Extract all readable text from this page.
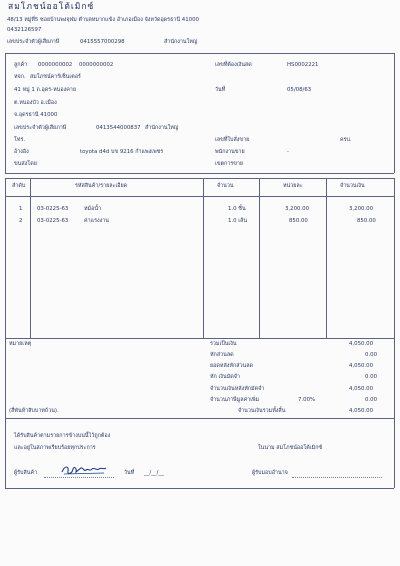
สมโภชน์ออโต้เมิกซ์
48/13 หมู่ที่5 ซอยบ้านพงจุฬม ตำบลหมากแข้ง อำเภอเมือง จังหวัดอุดรธานี 41000
0432126597
เลขประจำตัวผู้เสียภาษี	0415557000298	สำนักงานใหญ่
ลูกค้า 0000000002 0000000002
หจก. สมโภชน์คาร์เซ็นเตอร์
41 หมู่ 1 ถ.อุดร-หนองคาย
ต.หนองบัว อ.เมือง
จ.อุดรธานี 41000
เลขประจำตัวผู้เสียภาษี	0413544000837 สำนักงานใหญ่
โทร.
อ้างอิง	toyota d4d บข 9216 กำแพงเพชร
ขนส่งโดย
เลขที่ต้องเงินสด	HS0002221
วันที่	05/08/63
เลขที่ใบสั่งขาย	ครบ.
พนักงานขาย	-
เขตการขาย
ลำดับ	รหัสสินค้า/รายละเอียด	จำนวน	หน่วยละ	จำนวนเงิน
1	03-0225-63	หม้อน้ำ	1.0 ชิ้น	3,200.00	3,200.00
2	03-0225-63	ค่าแรงงาน	1.0 เส้น	850.00	850.00
หมายเหตุ	รวมเป็นเงิน	4,050.00
หักส่วนลด	0.00
ยอดหลังหักส่วนลด	4,050.00
หัก เงินมัดจำ	0.00
จำนวนเงินหลังหักมัดจำ	4,050.00
จำนวนภาษีมูลค่าเพิ่ม	7.00%	0.00
(สี่พันห้าสิบบาทถ้วน).	จำนวนเงินรวมทั้งสิ้น	4,050.00
ได้รับสินค้าตามรายการข้างบนนี้ไว้ถูกต้อง
และอยู่ในสภาพเรียบร้อยทุกประการ	ในนาม สมโภชน์ออโต้เมิกซ์
ผู้รับสินค้า	วันที่ __/__/__	ผู้รับมอบอำนาจ
